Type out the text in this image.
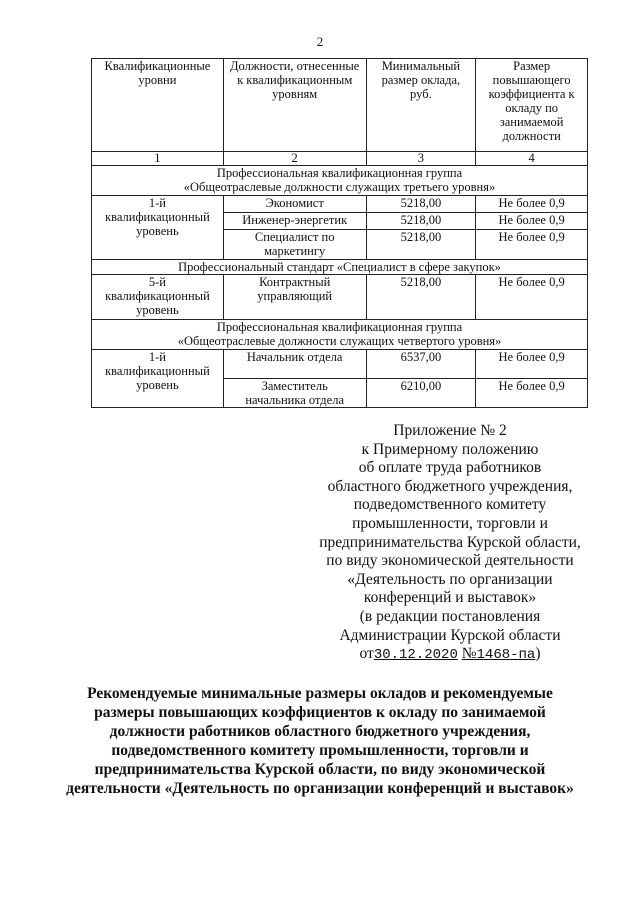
2
Квалификационные уровни	Должности, отнесенные к квалификационным уровням	Минимальный размер оклада, руб.	Размер повышающего коэффициента к окладу по занимаемой должности
1	2	3	4

Профессиональная квалификационная группа
«Общеотраслевые должности служащих третьего уровня»			

1-й квалификационный уровень	Экономист	5218,00	Не более 0,9
	Инженер-энергетик	5218,00	Не более 0,9
	Специалист по маркетингу	5218,00	Не более 0,9
Профессиональный стандарт «Специалист в сфере закупок»			
5-й квалификационный уровень	Контрактный управляющий	5218,00	Не более 0,9

Профессиональная квалификационная группа
«Общеотраслевые должности служащих четвертого уровня»			

1-й квалификационный уровень	Начальник отдела	6537,00	Не более 0,9
	Заместитель начальника отдела	6210,00	Не более 0,9
Приложение № 2
к Примерному положению
об оплате труда работников
областного бюджетного учреждения,
подведомственного комитету
промышленности, торговли и
предпринимательства Курской области,
по виду экономической деятельности
«Деятельность по организации
конференций и выставок»
(в редакции постановления
Администрации Курской области
от30.12.2020 №1468-па)
Рекомендуемые минимальные размеры окладов и рекомендуемые размеры повышающих коэффициентов к окладу по занимаемой должности работников областного бюджетного учреждения, подведомственного комитету промышленности, торговли и предпринимательства Курской области, по виду экономической деятельности «Деятельность по организации конференций и выставок»
